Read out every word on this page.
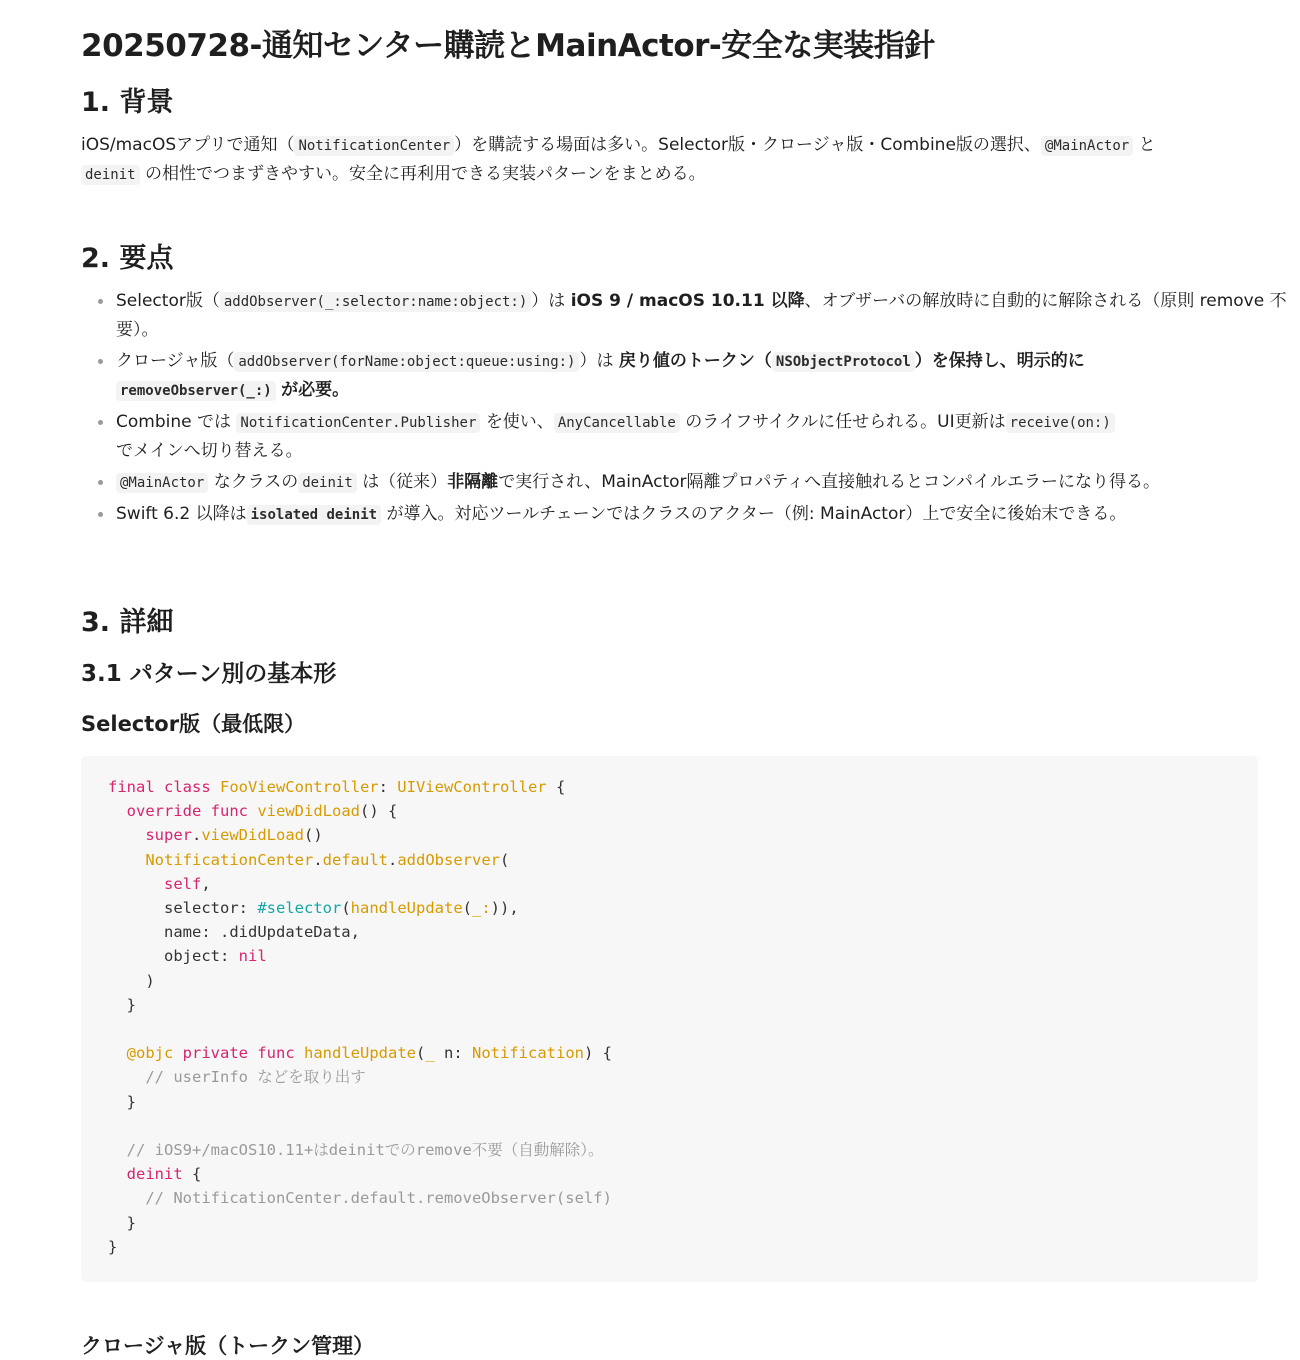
20250728-通知センター購読とMainActor-安全な実装指針
1. 背景

iOS/macOSアプリで通知（ NotificationCenter ）を購読する場面は多い。Selector版・クロージャ版・Combine版の選択、 @MainActor と
deinit の相性でつまずきやすい。安全に再利用できる実装パターンをまとめる。

2. 要点
Selector版（ addObserver(_:selector:name:object:) ）は iOS 9 / macOS 10.11 以降、オブザーバの解放時に自動的に解除される（原則 remove 不要）。
クロージャ版（ addObserver(forName:object:queue:using:) ）は 戻り値のトークン（ NSObjectProtocol ）を保持し、明示的に
removeObserver(_:) が必要。
Combine では NotificationCenter.Publisher を使い、 AnyCancellable のライフサイクルに任せられる。UI更新は receive(on:)
でメインへ切り替える。
@MainActor なクラスの deinit は（従来）非隔離で実行され、MainActor隔離プロパティへ直接触れるとコンパイルエラーになり得る。
Swift 6.2 以降は isolated deinit が導入。対応ツールチェーンではクラスのアクター（例: MainActor）上で安全に後始末できる。
3. 詳細
3.1 パターン別の基本形
Selector版（最低限）
final class FooViewController: UIViewController {
override func viewDidLoad() {
super.viewDidLoad()
NotificationCenter.default.addObserver(
self,
selector: #selector(handleUpdate(_:)),
name: .didUpdateData,
object: nil
)
}

@objc private func handleUpdate(_ n: Notification) {
// userInfo などを取り出す
}

// iOS9+/macOS10.11+はdeinitでのremove不要（自動解除）。
deinit {
// NotificationCenter.default.removeObserver(self)
}
}
クロージャ版（トークン管理）
